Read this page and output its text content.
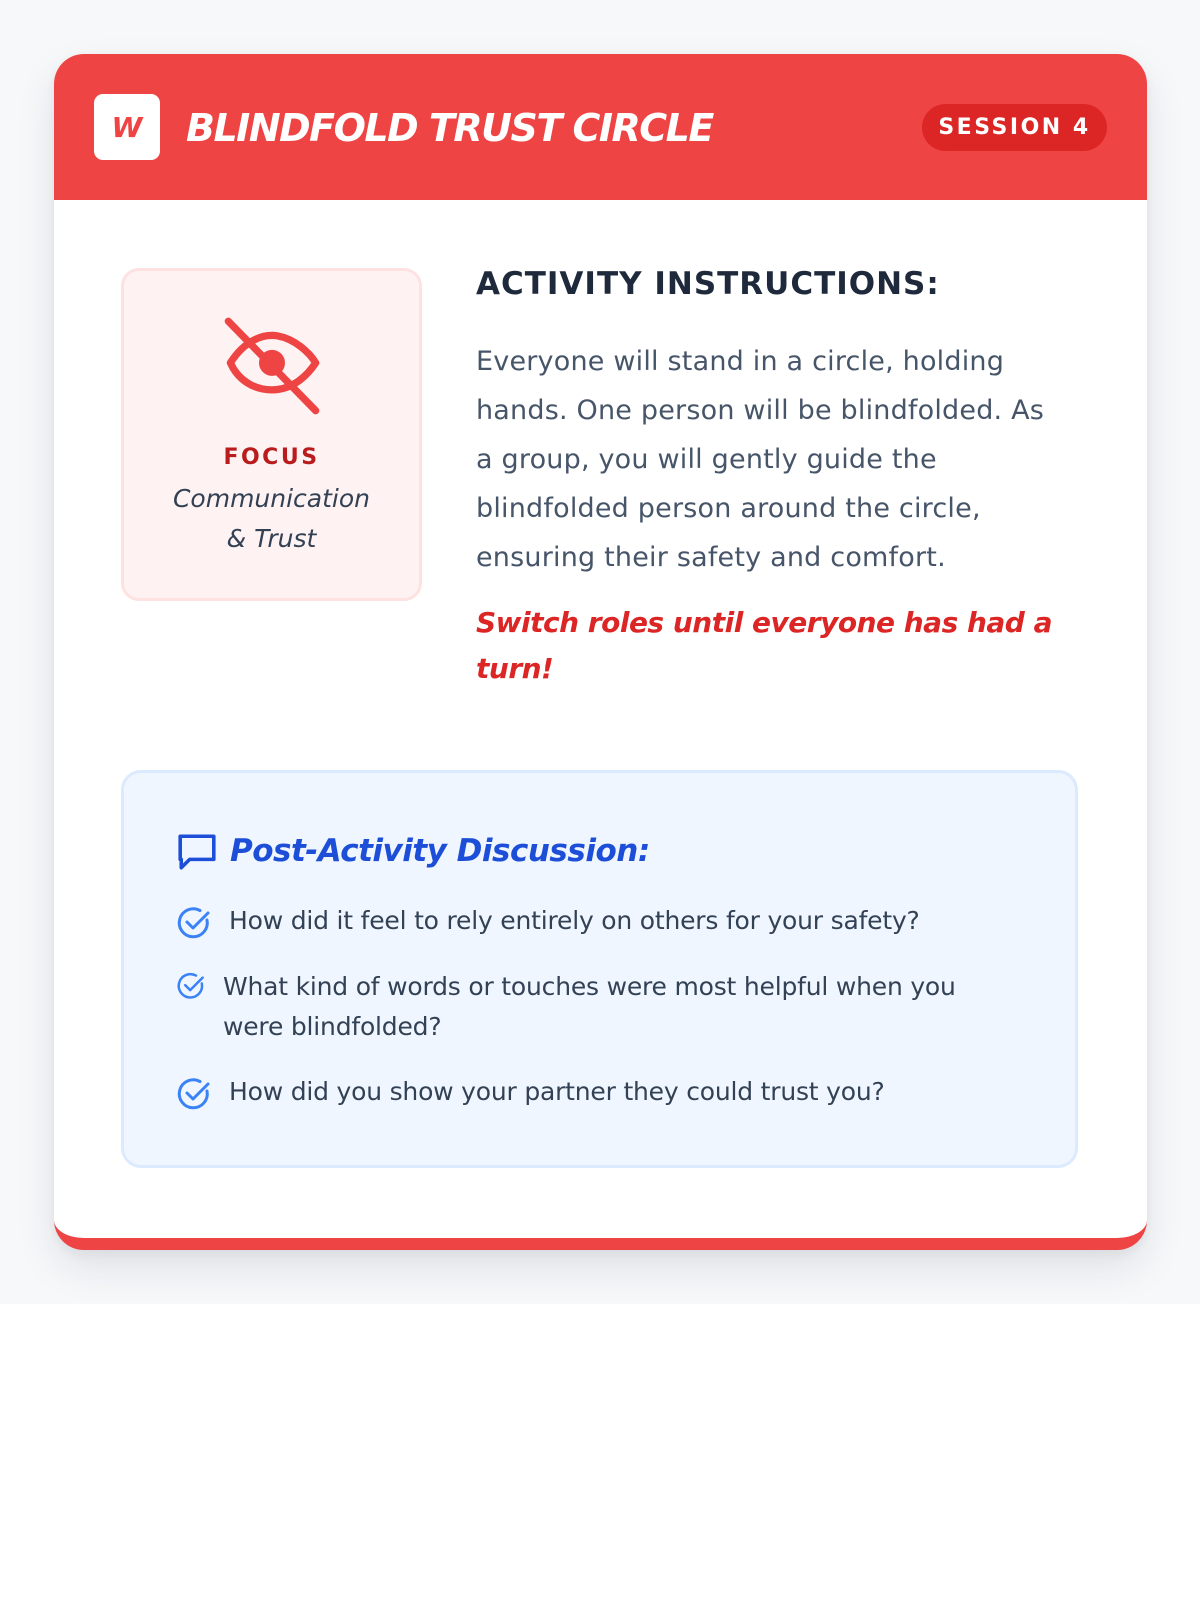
W	BLINDFOLD TRUST CIRCLE	SESSION 4
FOCUS
Communication
& Trust
ACTIVITY INSTRUCTIONS:
Everyone will stand in a circle, holding
hands. One person will be blindfolded. As
a group, you will gently guide the
blindfolded person around the circle,
ensuring their safety and comfort.
Switch roles until everyone has had a
turn!
Post-Activity Discussion:
How did it feel to rely entirely on others for your safety?
What kind of words or touches were most helpful when you
were blindfolded?
How did you show your partner they could trust you?
